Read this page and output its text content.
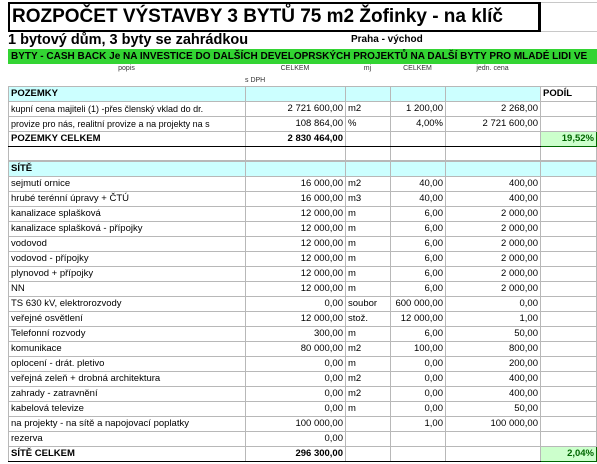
ROZPOČET VÝSTAVBY 3 BYTŮ 75 m2 Žofinky - na klíč
1 bytový dům, 3 byty se zahrádkou	Praha - východ
BYTY - CASH BACK Je NA INVESTICE DO DALŠÍCH DEVELOPRSKÝCH PROJEKTŮ NA DALŠÍ BYTY PRO MLADÉ LIDI VE
popis	CELKEM	mj	CELKEM	jedn. cena
s DPH
POZEMKY					PODÍL
kupní cena majiteli (1) -přes členský vklad do dr.	2 721 600,00	m2	1 200,00	2 268,00	
provize pro nás, realitní provize a na projekty na s	108 864,00	%	4,00%	2 721 600,00	
POZEMKY CELKEM	2 830 464,00				19,52%

SÍTĚ					
sejmutí ornice	16 000,00	m2	40,00	400,00	
hrubé terénní úpravy + ČTÚ	16 000,00	m3	40,00	400,00	
kanalizace splašková	12 000,00	m	6,00	2 000,00	
kanalizace splašková - přípojky	12 000,00	m	6,00	2 000,00	
vodovod	12 000,00	m	6,00	2 000,00	
vodovod - přípojky	12 000,00	m	6,00	2 000,00	
plynovod + přípojky	12 000,00	m	6,00	2 000,00	
NN	12 000,00	m	6,00	2 000,00	
TS 630 kV, elektrorozvody	0,00	soubor	600 000,00	0,00	
veřejné osvětlení	12 000,00	stož.	12 000,00	1,00	
Telefonní rozvody	300,00	m	6,00	50,00	
komunikace	80 000,00	m2	100,00	800,00	
oplocení - drát. pletivo	0,00	m	0,00	200,00	
veřejná zeleň + drobná architektura	0,00	m2	0,00	400,00	
zahrady - zatravnění	0,00	m2	0,00	400,00	
kabelová televize	0,00	m	0,00	50,00	
na projekty - na sítě a napojovací poplatky	100 000,00		1,00	100 000,00	
rezerva	0,00				
SÍTĚ CELKEM	296 300,00				2,04%
